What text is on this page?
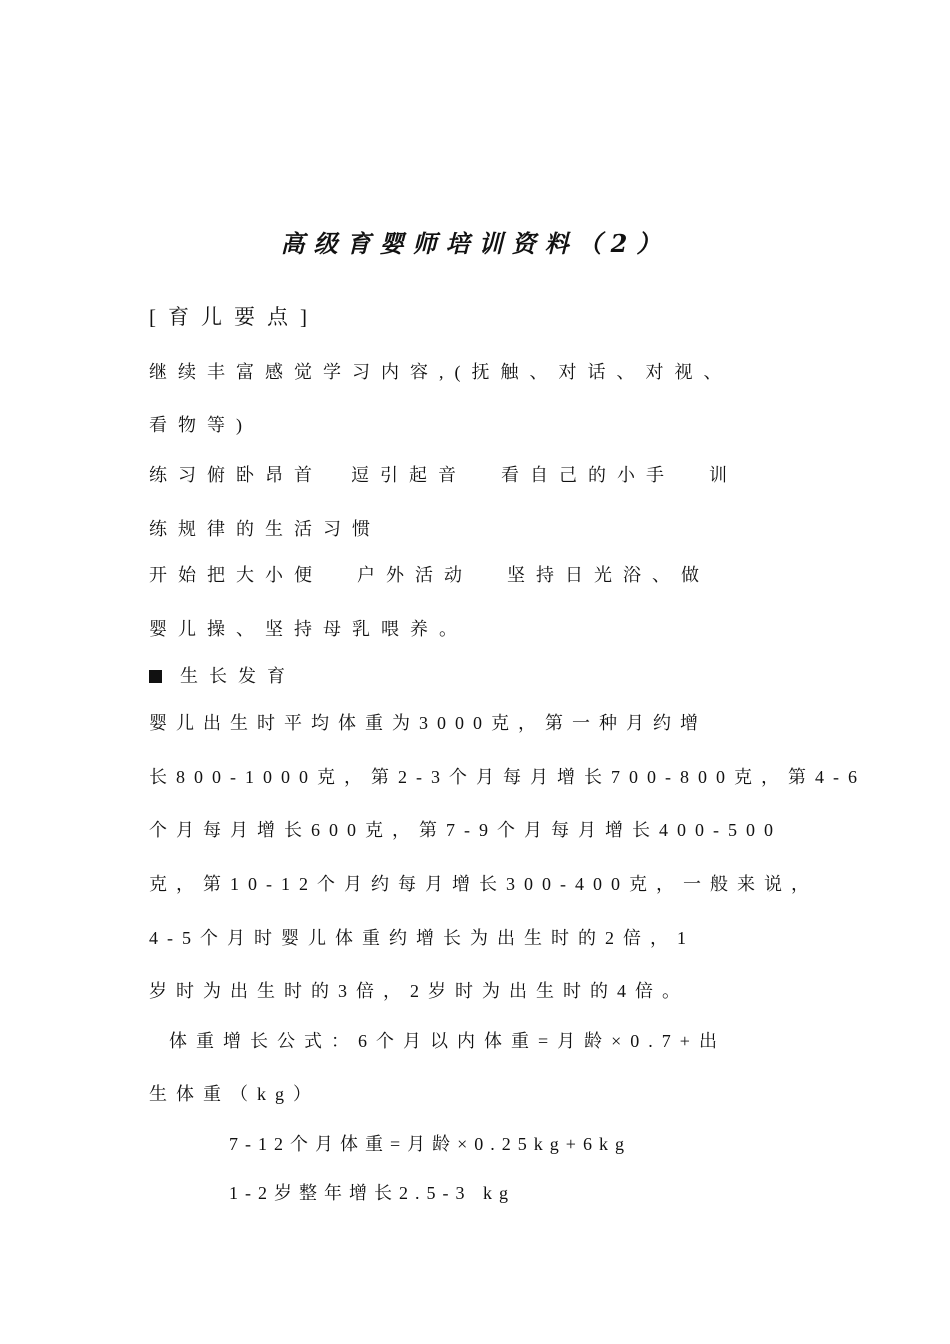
高级育婴师培训资料（2）
[育儿要点]
继续丰富感觉学习内容,(抚触、对话、对视、
看物等)
练习俯卧昂首 逗引起音 看自己的小手 训
练规律的生活习惯
开始把大小便 户外活动 坚持日光浴、做
婴儿操、坚持母乳喂养。
生长发育
婴儿出生时平均体重为3000克，第一种月约增
长800-1000克，第2-3个月每月增长700-800克，第4-6
个月每月增长600克，第7-9个月每月增长400-500
克，第10-12个月约每月增长300-400克，一般来说，
4-5个月时婴儿体重约增长为出生时的2倍，1
岁时为出生时的3倍，2岁时为出生时的4倍。
体重增长公式：6个月以内体重=月龄×0.7+出
生体重（kg）
7-12个月体重=月龄×0.25kg+6kg
1-2岁整年增长2.5-3 kg
